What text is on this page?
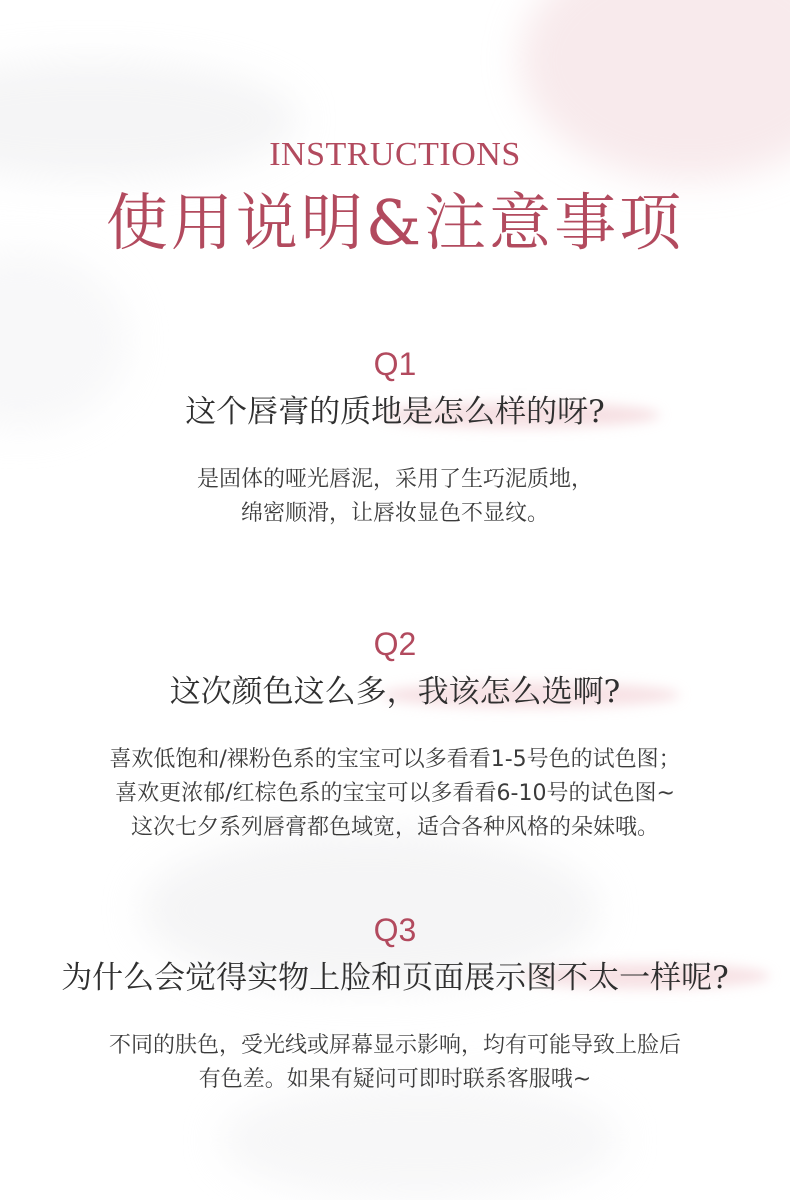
INSTRUCTIONS
使用说明&注意事项
Q1
这个唇膏的质地是怎么样的呀?
是固体的哑光唇泥，采用了生巧泥质地，
绵密顺滑，让唇妆显色不显纹。
Q2
这次颜色这么多，我该怎么选啊?
喜欢低饱和/裸粉色系的宝宝可以多看看1-5号色的试色图；
喜欢更浓郁/红棕色系的宝宝可以多看看6-10号的试色图~
这次七夕系列唇膏都色域宽，适合各种风格的朵妹哦。
Q3
为什么会觉得实物上脸和页面展示图不太一样呢?
不同的肤色，受光线或屏幕显示影响，均有可能导致上脸后
有色差。如果有疑问可即时联系客服哦~
